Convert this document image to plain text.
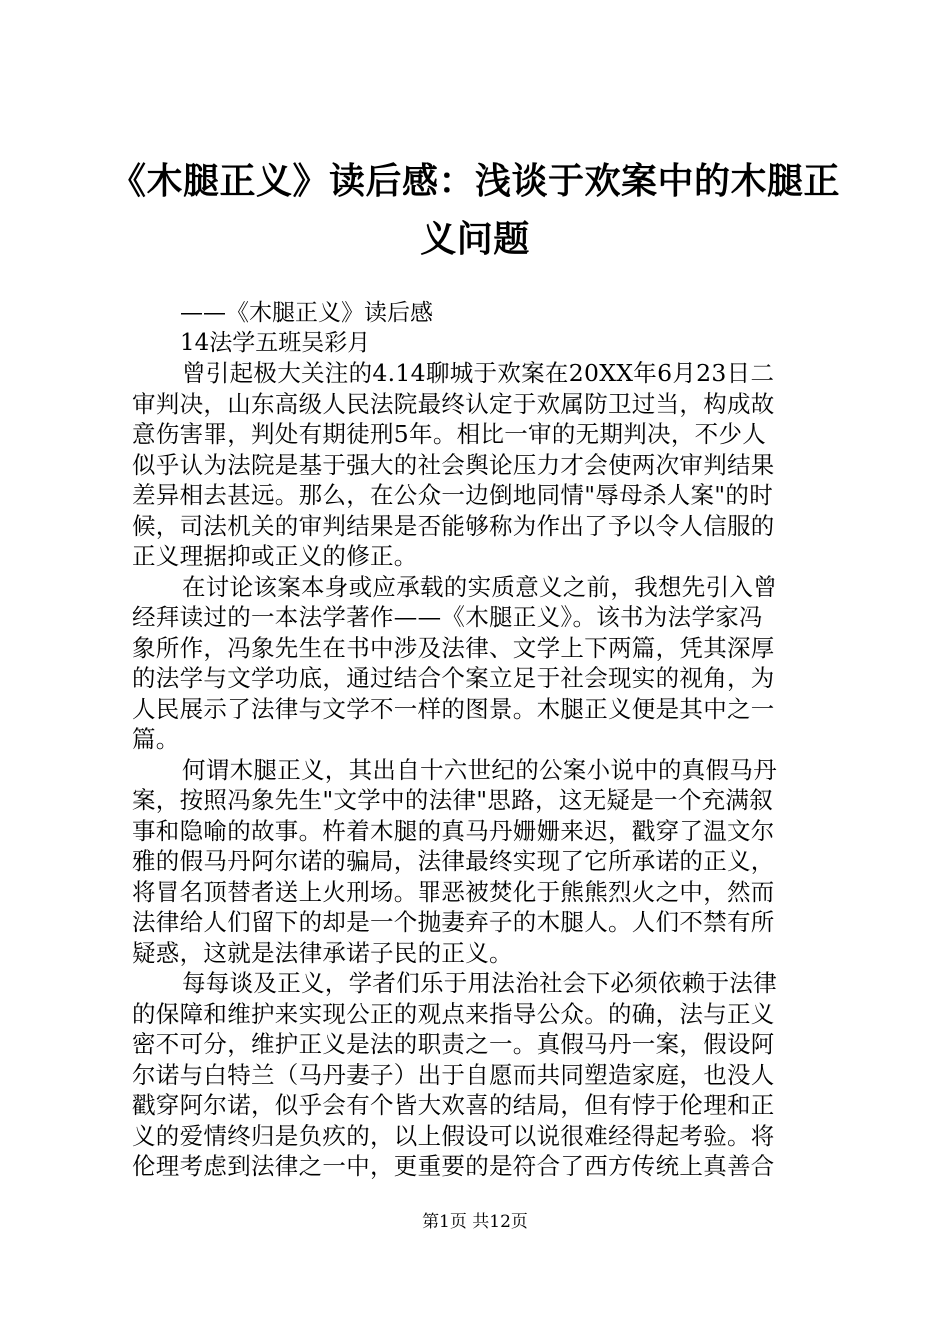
《木腿正义》读后感：浅谈于欢案中的木腿正
义问题
——《木腿正义》读后感
14法学五班吴彩月
曾引起极大关注的4.14聊城于欢案在20XX年6月23日二
审判决，山东高级人民法院最终认定于欢属防卫过当，构成故
意伤害罪，判处有期徒刑5年。相比一审的无期判决，不少人
似乎认为法院是基于强大的社会舆论压力才会使两次审判结果
差异相去甚远。那么，在公众一边倒地同情"辱母杀人案"的时
候，司法机关的审判结果是否能够称为作出了予以令人信服的
正义理据抑或正义的修正。
在讨论该案本身或应承载的实质意义之前，我想先引入曾
经拜读过的一本法学著作——《木腿正义》。该书为法学家冯
象所作，冯象先生在书中涉及法律、文学上下两篇，凭其深厚
的法学与文学功底，通过结合个案立足于社会现实的视角，为
人民展示了法律与文学不一样的图景。木腿正义便是其中之一
篇。
何谓木腿正义，其出自十六世纪的公案小说中的真假马丹
案，按照冯象先生"文学中的法律"思路，这无疑是一个充满叙
事和隐喻的故事。杵着木腿的真马丹姗姗来迟，戳穿了温文尔
雅的假马丹阿尔诺的骗局，法律最终实现了它所承诺的正义，
将冒名顶替者送上火刑场。罪恶被焚化于熊熊烈火之中，然而
法律给人们留下的却是一个抛妻弃子的木腿人。人们不禁有所
疑惑，这就是法律承诺子民的正义。
每每谈及正义，学者们乐于用法治社会下必须依赖于法律
的保障和维护来实现公正的观点来指导公众。的确，法与正义
密不可分，维护正义是法的职责之一。真假马丹一案，假设阿
尔诺与白特兰（马丹妻子）出于自愿而共同塑造家庭，也没人
戳穿阿尔诺，似乎会有个皆大欢喜的结局，但有悖于伦理和正
义的爱情终归是负疚的，以上假设可以说很难经得起考验。将
伦理考虑到法律之一中，更重要的是符合了西方传统上真善合
第1页 共12页
